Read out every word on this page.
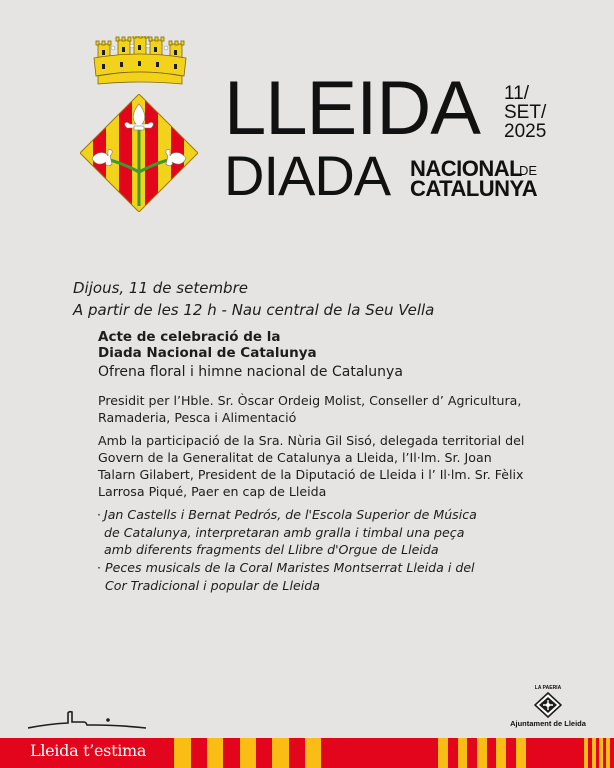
LLEIDA
DIADA
11/
SET/
2025
NACIONAL
DE
CATALUNYA
Dijous, 11 de setembre
A partir de les 12 h - Nau central de la Seu Vella
Acte de celebració de la
Diada Nacional de Catalunya
Ofrena floral i himne nacional de Catalunya
Presidit per l’Hble. Sr. Òscar Ordeig Molist, Conseller d’ Agricultura,
Ramaderia, Pesca i Alimentació
Amb la participació de la Sra. Nùria Gil Sisó, delegada territorial del
Govern de la Generalitat de Catalunya a Lleida, l’Il·lm. Sr. Joan
Talarn Gilabert, President de la Diputació de Lleida i l’ Il·lm. Sr. Fèlix
Larrosa Piqué, Paer en cap de Lleida
· Jan Castells i Bernat Pedrós, de l'Escola Superior de Música
de Catalunya, interpretaran amb gralla i timbal una peça
amb diferents fragments del Llibre d'Orgue de Lleida
· Peces musicals de la Coral Maristes Montserrat Lleida i del
Cor Tradicional i popular de Lleida
LA PAERIA
Ajuntament de Lleida
Lleida t’estima
